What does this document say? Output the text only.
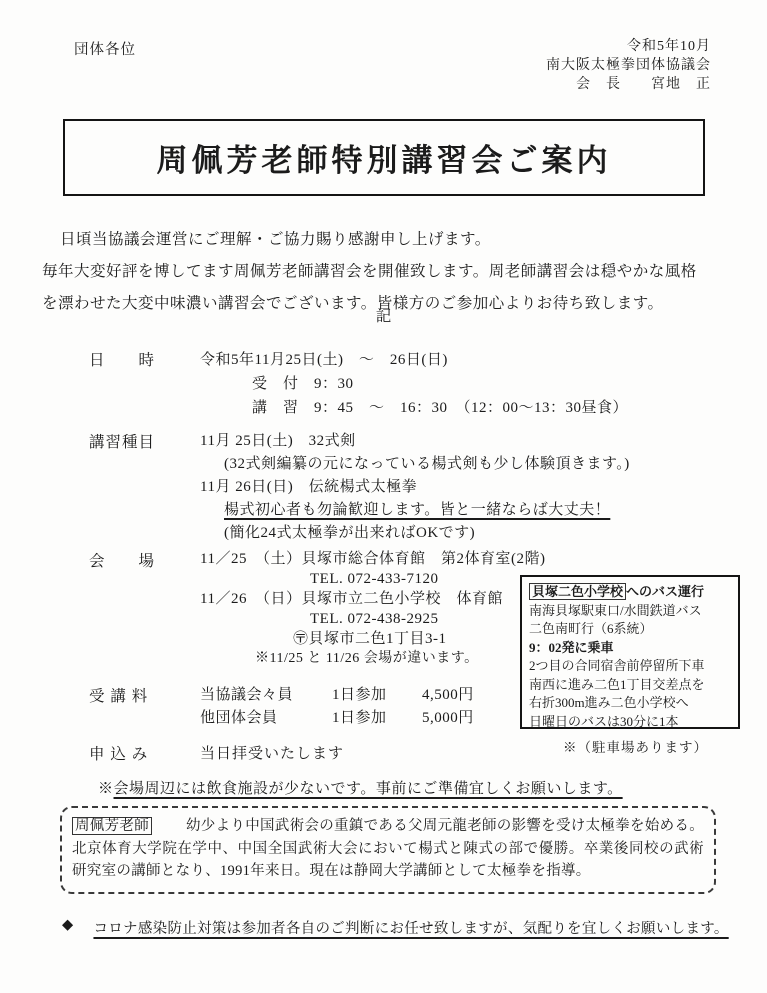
団体各位	令和5年10月
南大阪太極拳団体協議会
会　長　　宮地　正
周佩芳老師特別講習会ご案内
日頃当協議会運営にご理解・ご協力賜り感謝申し上げます。
毎年大変好評を博してます周佩芳老師講習会を開催致します。周老師講習会は穏やかな風格
を漂わせた大変中味濃い講習会でございます。皆様方のご参加心よりお待ち致します。
記
日　　時	令和5年11月25日(土)　～　26日(日)
受　付　9：30
講　習　9：45　～　16：30　（12：00～13：30昼食）
講習種目	11月 25日(土)　32式剣
(32式剣編纂の元になっている楊式剣も少し体験頂きます。)
11月 26日(日)　伝統楊式太極拳
楊式初心者も勿論歓迎します。皆と一緒ならば大丈夫！
(簡化24式太極拳が出来ればOKです)
会　　場	11／25　（土）貝塚市総合体育館　第2体育室(2階)
TEL. 072-433-7120
11／26　（日）貝塚市立二色小学校　体育館
TEL. 072-438-2925
〶貝塚市二色1丁目3-1
※11/25 と 11/26 会場が違います。
貝塚二色小学校 へのバス運行
南海貝塚駅東口/水間鉄道バス
二色南町行（6系統）
9：02発に乗車
2つ目の合同宿舎前停留所下車
南西に進み二色1丁目交差点を
右折300m進み二色小学校へ
日曜日のバスは30分に1本
※（駐車場あります）
受 講 料	当協議会々員	1日参加	4,500円
他団体会員	1日参加	5,000円
申 込 み	当日拝受いたします
※会場周辺には飲食施設が少ないです。事前にご準備宜しくお願いします。
周佩芳老師	幼少より中国武術会の重鎮である父周元龍老師の影響を受け太極拳を始める。北京体育大学院在学中、中国全国武術大会において楊式と陳式の部で優勝。卒業後同校の武術研究室の講師となり、1991年来日。現在は静岡大学講師として太極拳を指導。
◆ コロナ感染防止対策は参加者各自のご判断にお任せ致しますが、気配りを宜しくお願いします。
